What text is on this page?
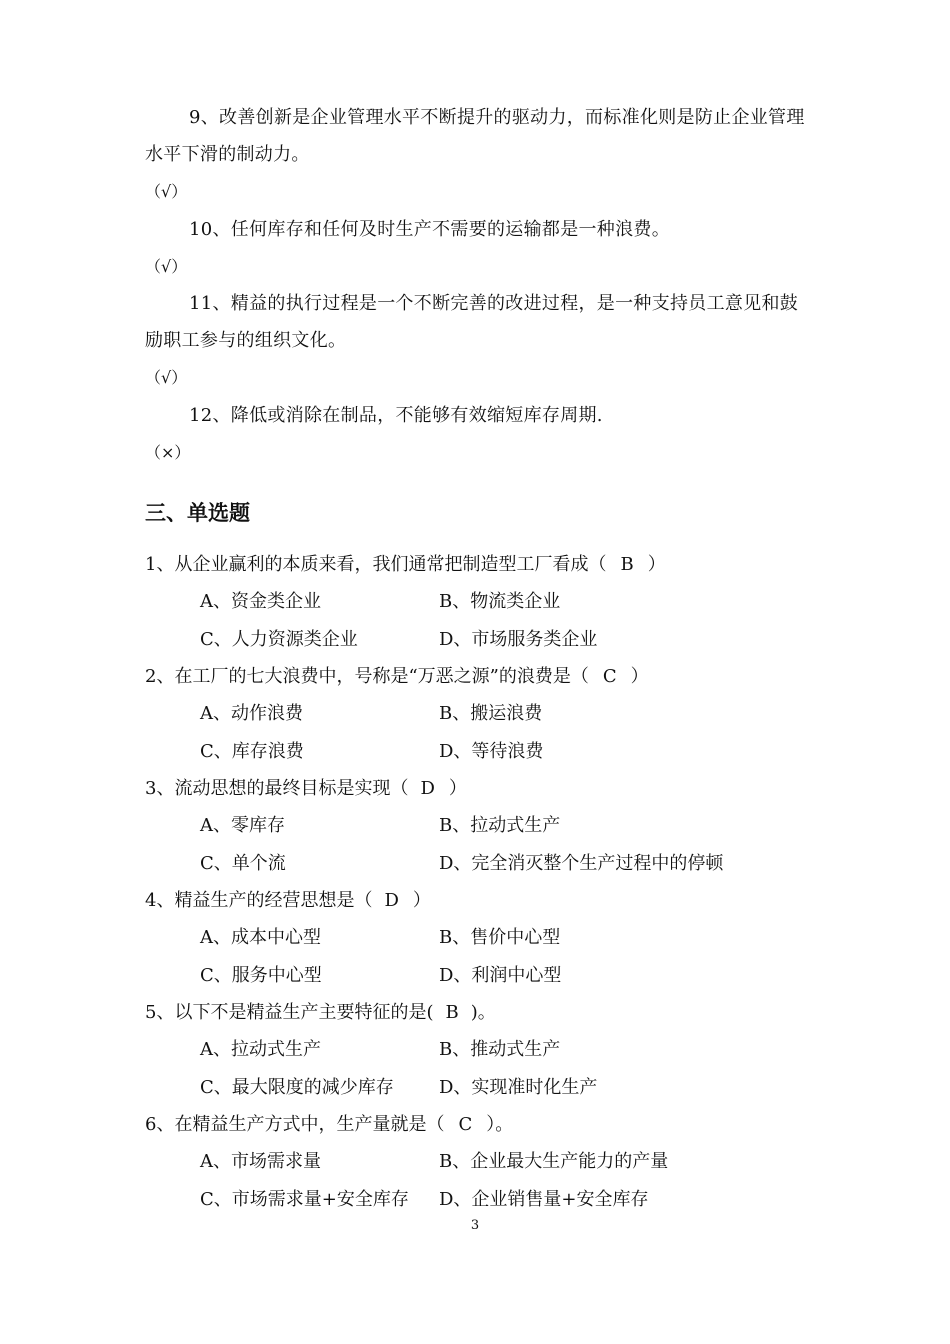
9、改善创新是企业管理水平不断提升的驱动力，而标准化则是防止企业管理水平下滑的制动力。

（√）

10、任何库存和任何及时生产不需要的运输都是一种浪费。

（√）

11、精益的执行过程是一个不断完善的改进过程，是一种支持员工意见和鼓励职工参与的组织文化。

（√）

12、降低或消除在制品，不能够有效缩短库存周期.

（×）

三、单选题

1、从企业赢利的本质来看，我们通常把制造型工厂看成（ B ）

A、资金类企业	B、物流类企业

C、人力资源类企业	D、市场服务类企业

2、在工厂的七大浪费中，号称是“万恶之源”的浪费是（ C ）

A、动作浪费	B、搬运浪费

C、库存浪费	D、等待浪费

3、流动思想的最终目标是实现（ D ）

A、零库存	B、拉动式生产

C、单个流	D、完全消灭整个生产过程中的停顿

4、精益生产的经营思想是（ D ）

A、成本中心型	B、售价中心型

C、服务中心型	D、利润中心型

5、以下不是精益生产主要特征的是( B )。

A、拉动式生产	B、推动式生产

C、最大限度的减少库存	D、实现准时化生产

6、在精益生产方式中，生产量就是（ C ）。

A、市场需求量	B、企业最大生产能力的产量

C、市场需求量+安全库存 D、企业销售量+安全库存

3
